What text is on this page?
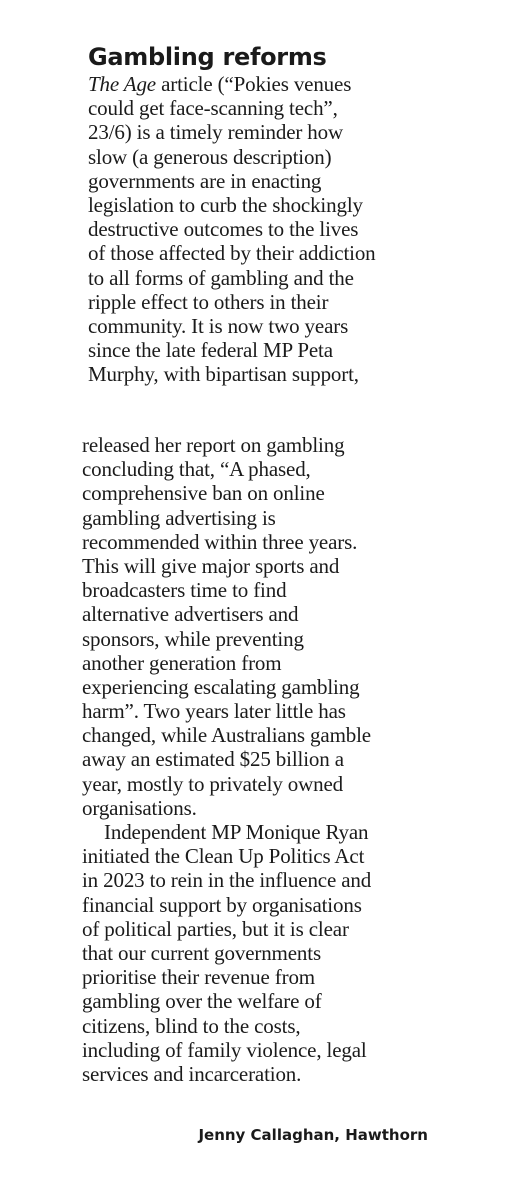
Gambling reforms
The Age article (“Pokies venues
could get face-scanning tech”,
23/6) is a timely reminder how
slow (a generous description)
governments are in enacting
legislation to curb the shockingly
destructive outcomes to the lives
of those affected by their addiction
to all forms of gambling and the
ripple effect to others in their
community. It is now two years
since the late federal MP Peta
Murphy, with bipartisan support,
released her report on gambling
concluding that, “A phased,
comprehensive ban on online
gambling advertising is
recommended within three years.
This will give major sports and
broadcasters time to find
alternative advertisers and
sponsors, while preventing
another generation from
experiencing escalating gambling
harm”. Two years later little has
changed, while Australians gamble
away an estimated $25 billion a
year, mostly to privately owned
organisations.
Independent MP Monique Ryan
initiated the Clean Up Politics Act
in 2023 to rein in the influence and
financial support by organisations
of political parties, but it is clear
that our current governments
prioritise their revenue from
gambling over the welfare of
citizens, blind to the costs,
including of family violence, legal
services and incarceration.

Jenny Callaghan, Hawthorn
